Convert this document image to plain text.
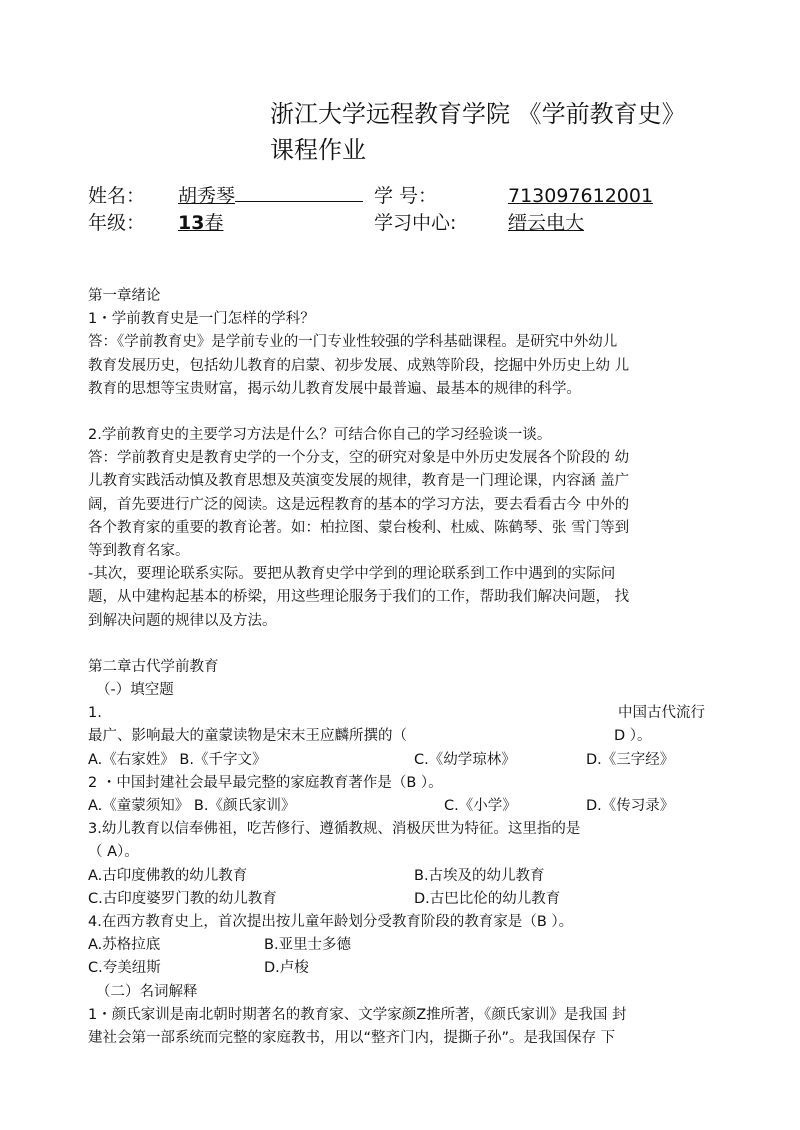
浙江大学远程教育学院 《学前教育史》
课程作业
姓名： 胡秀琴	学 号：	713097612001
年级： 13春	学习中心:	缙云电大
第一章绪论
1・学前教育史是一门怎样的学科？
答：《学前教育史》是学前专业的一门专业性较强的学科基础课程。是研究中外幼儿
教育发展历史，包括幼儿教育的启蒙、初步发展、成熟等阶段，挖掘中外历史上幼 儿
教育的思想等宝贵财富，揭示幼儿教育发展中最普遍、最基本的规律的科学。
2.学前教育史的主要学习方法是什么？可结合你自己的学习经验谈一谈。
答：学前教育史是教育史学的一个分支，空的研究对象是中外历史发展各个阶段的 幼
儿教育实践活动慎及教育思想及英演变发展的规律，教育是一门理论课，内容涵 盖广
阔，首先要进行广泛的阅读。这是远程教育的基本的学习方法，要去看看古今 中外的
各个教育家的重要的教育论著。如：柏拉图、蒙台梭利、杜威、陈鹤琴、张 雪门等到
等到教育名家。
-其次，要理论联系实际。要把从教育史学中学到的理论联系到工作中遇到的实际问
题，从中建构起基本的桥梁，用这些理论服务于我们的工作，帮助我们解决问题， 找
到解决问题的规律以及方法。
第二章古代学前教育
（-）填空题
1.	中国古代流行
最广、影响最大的童蒙读物是宋末王应麟所撰的（	D ）。
A.《右家姓》 B.《千字文》	C.《幼学琼林》	D.《三字经》
2 ・中国封建社会最早最完整的家庭教育著作是（B ）。
A.《童蒙须知》 B.《颜氏家训》	C.《小学》	D.《传习录》
3.幼儿教育以信奉佛祖，吃苦修行、遵循教规、消极厌世为特征。这里指的是
（ A）。
A.古印度佛教的幼儿教育	B.古埃及的幼儿教育
C.古印度婆罗门教的幼儿教育	D.古巴比伦的幼儿教育
4.在西方教育史上，首次提出按儿童年龄划分受教育阶段的教育家是（B ）。
A.苏格拉底	B.亚里士多德
C.夸美纽斯	D.卢梭
（二）名词解释
1・颜氏家训是南北朝时期著名的教育家、文学家颜Z推所著，《颜氏家训》是我国 封
建社会第一部系统而完整的家庭教书，用以“整齐门内，提撕子孙”。是我国保存 下
